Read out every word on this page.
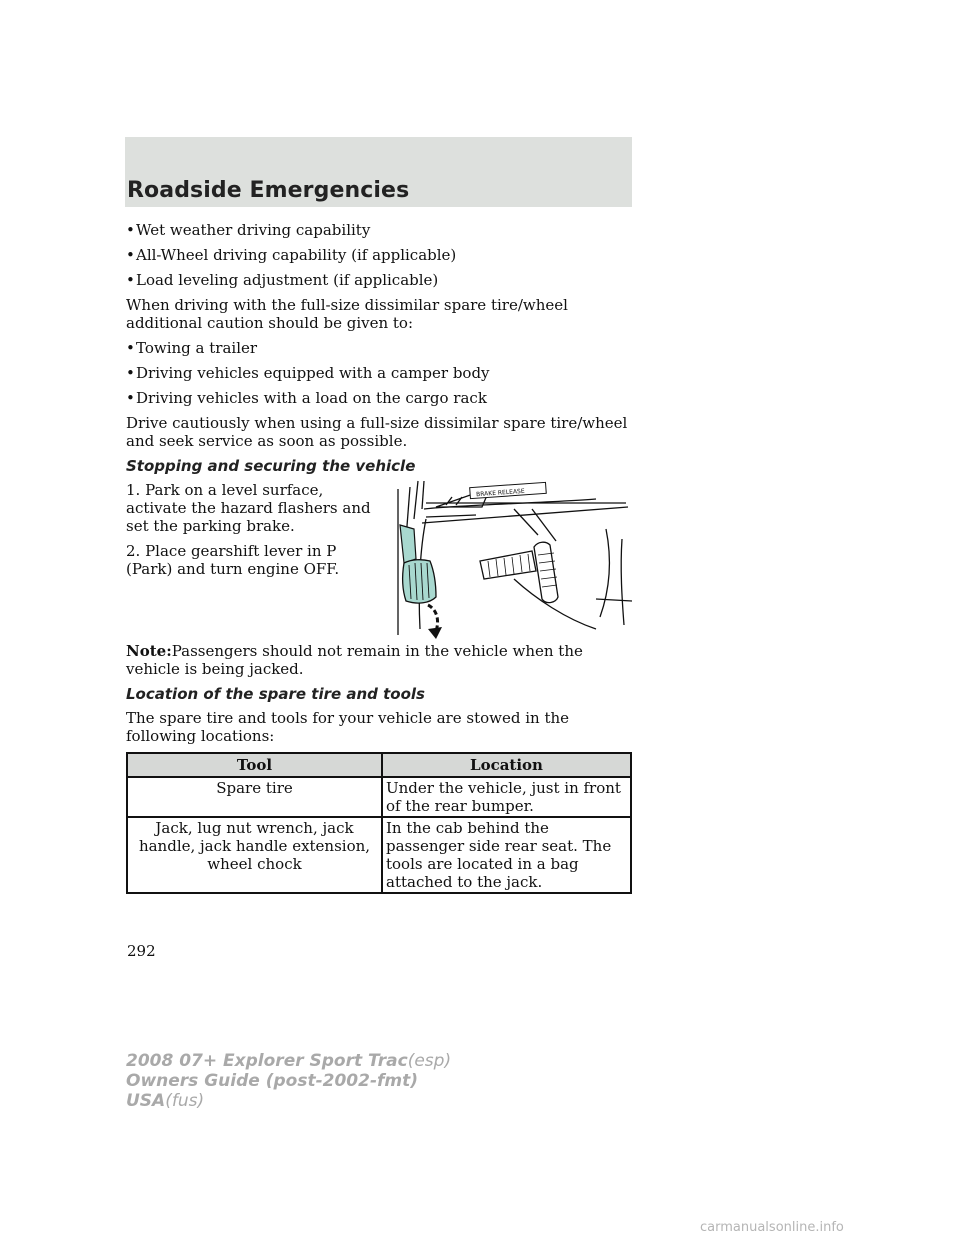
Roadside Emergencies
• Wet weather driving capability
• All-Wheel driving capability (if applicable)
• Load leveling adjustment (if applicable)

When driving with the full-size dissimilar spare tire/wheel additional caution should be given to:

• Towing a trailer
• Driving vehicles equipped with a camper body
• Driving vehicles with a load on the cargo rack

Drive cautiously when using a full-size dissimilar spare tire/wheel and seek service as soon as possible.

Stopping and securing the vehicle

1. Park on a level surface, activate the hazard flashers and set the parking brake.

2. Place gearshift lever in P (Park) and turn engine OFF.

BRAKE RELEASE

Note:Passengers should not remain in the vehicle when the vehicle is being jacked.

Location of the spare tire and tools

The spare tire and tools for your vehicle are stowed in the following locations:

Tool	Location
Spare tire	Under the vehicle, just in front of the rear bumper.
Jack, lug nut wrench, jack handle, jack handle extension, wheel chock	In the cab behind the passenger side rear seat. The tools are located in a bag attached to the jack.
292
2008 07+ Explorer Sport Trac(esp)
Owners Guide (post-2002-fmt)
USA(fus)
carmanualsonline.info
